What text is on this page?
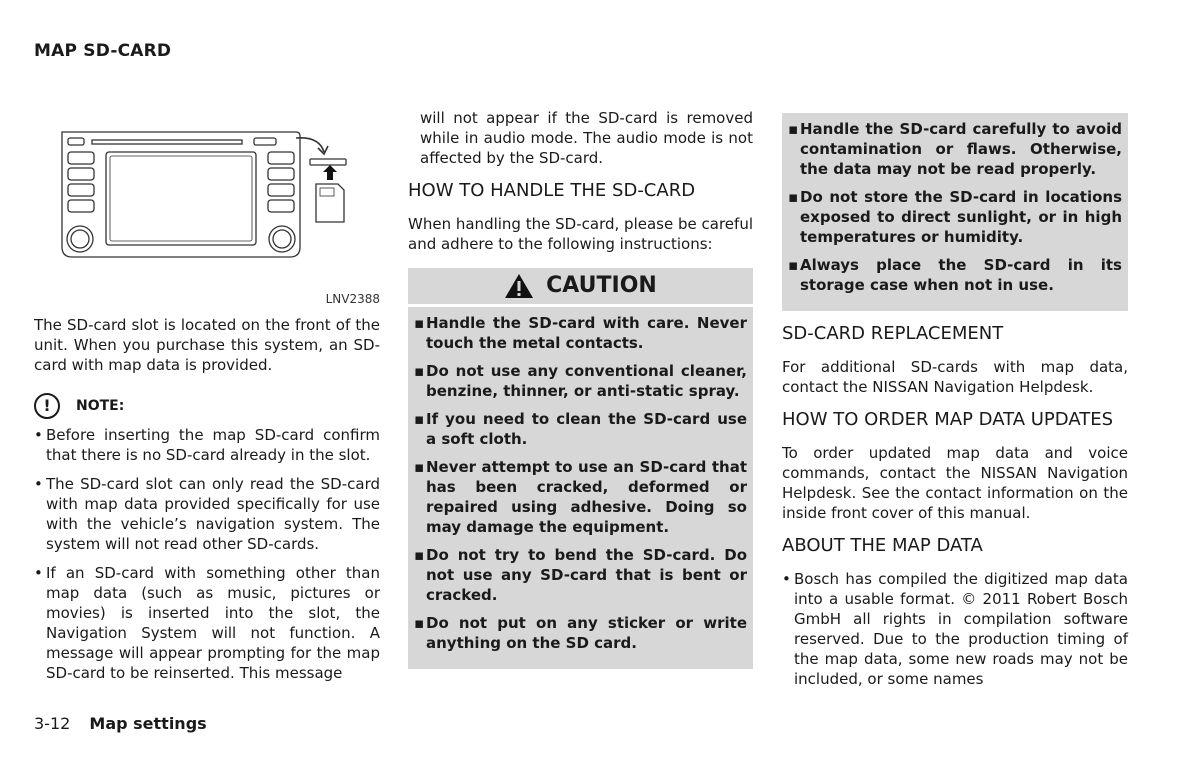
MAP SD-CARD
LNV2388

The SD-card slot is located on the front of the unit. When you purchase this system, an SD-card with map data is provided.

!	NOTE:
• Before inserting the map SD-card confirm that there is no SD-card already in the slot.
• The SD-card slot can only read the SD-card with map data provided specifically for use with the vehicle’s navigation system. The system will not read other SD-cards.
• If an SD-card with something other than map data (such as music, pictures or movies) is inserted into the slot, the Navigation System will not function. A message will appear prompting for the map SD-card to be reinserted. This message

will not appear if the SD-card is removed while in audio mode. The audio mode is not affected by the SD-card.

HOW TO HANDLE THE SD-CARD

When handling the SD-card, please be careful and adhere to the following instructions:

CAUTION
▪ Handle the SD-card with care. Never touch the metal contacts.
▪ Do not use any conventional cleaner, benzine, thinner, or anti-static spray.
▪ If you need to clean the SD-card use a soft cloth.
▪ Never attempt to use an SD-card that has been cracked, deformed or repaired using adhesive. Doing so may damage the equipment.
▪ Do not try to bend the SD-card. Do not use any SD-card that is bent or cracked.
▪ Do not put on any sticker or write anything on the SD card.
▪ Handle the SD-card carefully to avoid contamination or flaws. Otherwise, the data may not be read properly.
▪ Do not store the SD-card in locations exposed to direct sunlight, or in high temperatures or humidity.
▪ Always place the SD-card in its storage case when not in use.
SD-CARD REPLACEMENT

For additional SD-cards with map data, contact the NISSAN Navigation Helpdesk.

HOW TO ORDER MAP DATA UPDATES

To order updated map data and voice commands, contact the NISSAN Navigation Helpdesk. See the contact information on the inside front cover of this manual.

ABOUT THE MAP DATA
• Bosch has compiled the digitized map data into a usable format. © 2011 Robert Bosch GmbH all rights in compilation software reserved. Due to the production timing of the map data, some new roads may not be included, or some names
3-12 Map settings
